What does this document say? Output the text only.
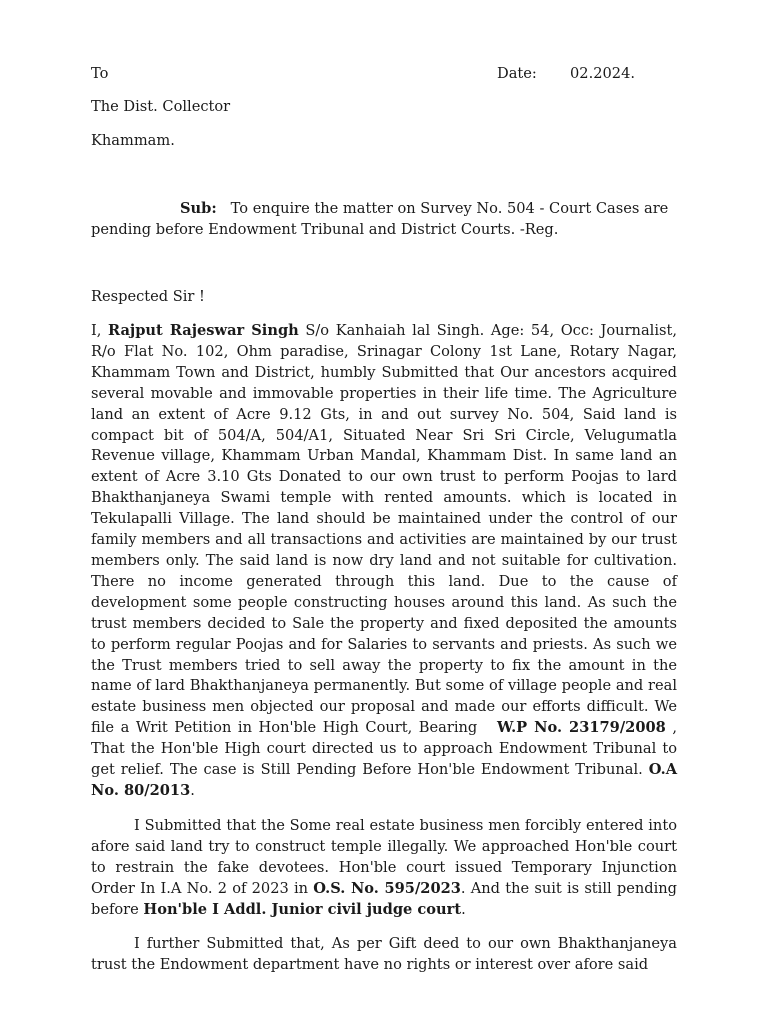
To	Date: 02.2024.
The Dist. Collector
Khammam.
Sub: To enquire the matter on Survey No. 504 - Court Cases are pending before Endowment Tribunal and District Courts. -Reg.
Respected Sir !
I, Rajput Rajeswar Singh S/o Kanhaiah lal Singh. Age: 54, Occ: Journalist, R/o Flat No. 102, Ohm paradise, Srinagar Colony 1st Lane, Rotary Nagar, Khammam Town and District, humbly Submitted that Our ancestors acquired several movable and immovable properties in their life time. The Agriculture land an extent of Acre 9.12 Gts, in and out survey No. 504, Said land is compact bit of 504/A, 504/A1, Situated Near Sri Sri Circle, Velugumatla Revenue village, Khammam Urban Mandal, Khammam Dist. In same land an extent of Acre 3.10 Gts Donated to our own trust to perform Poojas to lard Bhakthanjaneya Swami temple with rented amounts. which is located in Tekulapalli Village. The land should be maintained under the control of our family members and all transactions and activities are maintained by our trust members only. The said land is now dry land and not suitable for cultivation. There no income generated through this land. Due to the cause of development some people constructing houses around this land. As such the trust members decided to Sale the property and fixed deposited the amounts to perform regular Poojas and for Salaries to servants and priests. As such we the Trust members tried to sell away the property to fix the amount in the name of lard Bhakthanjaneya permanently. But some of village people and real estate business men objected our proposal and made our efforts difficult. We file a Writ Petition in Hon'ble High Court, Bearing W.P No. 23179/2008 , That the Hon'ble High court directed us to approach Endowment Tribunal to get relief. The case is Still Pending Before Hon'ble Endowment Tribunal. O.A No. 80/2013.
I Submitted that the Some real estate business men forcibly entered into afore said land try to construct temple illegally. We approached Hon'ble court to restrain the fake devotees. Hon'ble court issued Temporary Injunction Order In I.A No. 2 of 2023 in O.S. No. 595/2023. And the suit is still pending before Hon'ble I Addl. Junior civil judge court.
I further Submitted that, As per Gift deed to our own Bhakthanjaneya trust the Endowment department have no rights or interest over afore said
